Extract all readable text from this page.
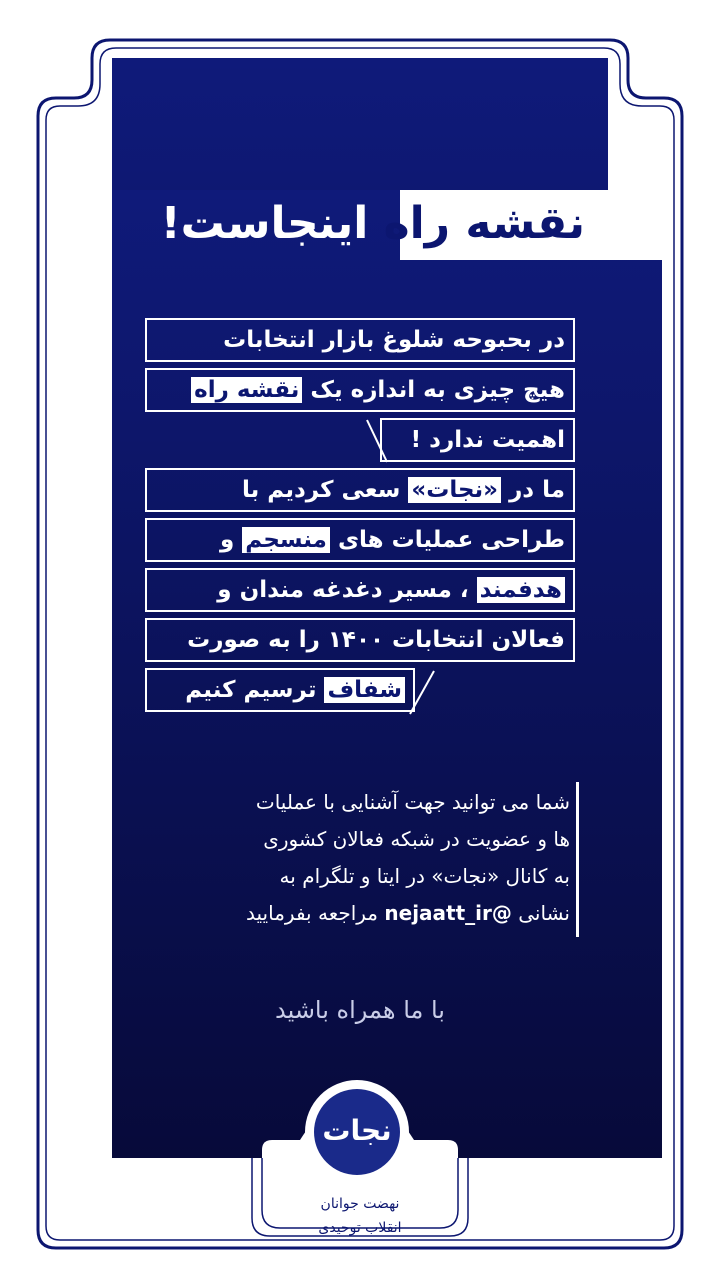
نقشه راه اینجاست!
در بحبوحه شلوغ بازار انتخابات
هیچ چیزی به اندازه یک نقشه راه
اهمیت ندارد !
ما در «نجات» سعی کردیم با
طراحی عملیات های منسجم و
هدفمند ، مسیر دغدغه مندان و
فعالان انتخابات ۱۴۰۰ را به صورت
شفاف ترسیم کنیم
شما می توانید جهت آشنایی با عملیات
ها و عضویت در شبکه فعالان کشوری
به کانال «نجات» در ایتا و تلگرام به
نشانی nejaatt_ir@ مراجعه بفرمایید
با ما همراه باشید
نجات
نهضت جوانان
انقلاب توحیدی
